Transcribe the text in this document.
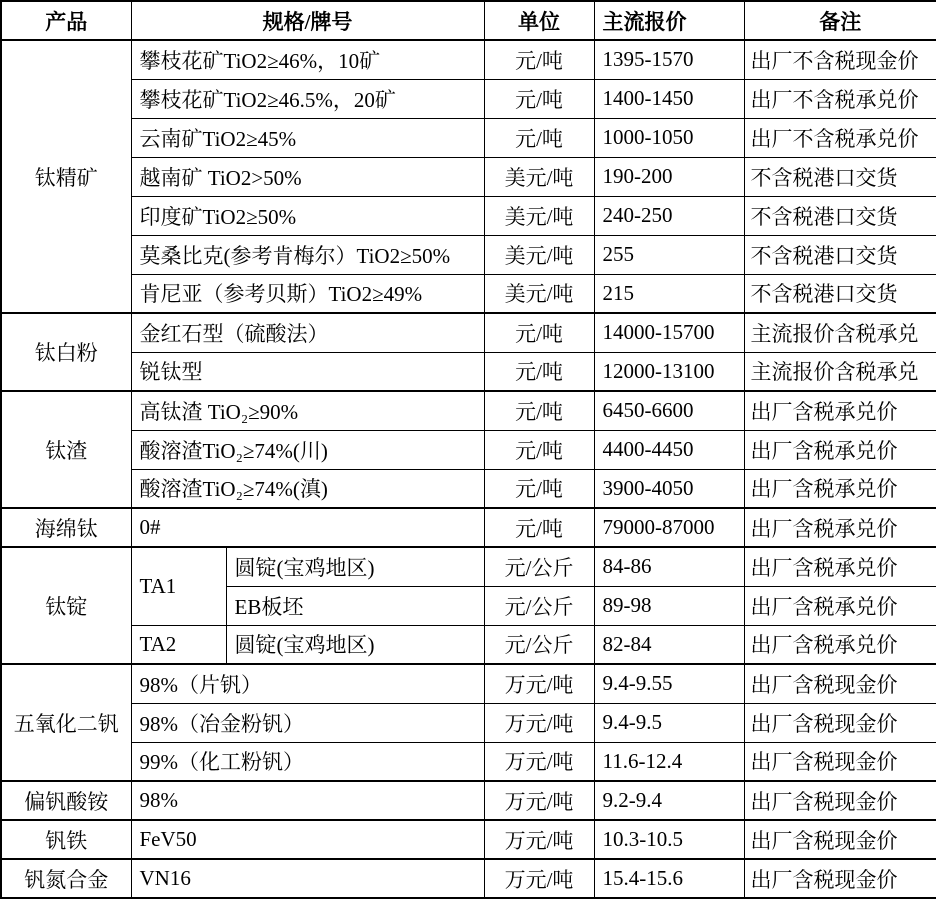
产品	规格/牌号		单位	主流报价	备注
钛精矿	攀枝花矿TiO2≥46%，10矿		元/吨	1395-1570	出厂不含税现金价
	攀枝花矿TiO2≥46.5%，20矿		元/吨	1400-1450	出厂不含税承兑价
	云南矿TiO2≥45%		元/吨	1000-1050	出厂不含税承兑价
	越南矿 TiO2>50%		美元/吨	190-200	不含税港口交货
	印度矿TiO2≥50%		美元/吨	240-250	不含税港口交货
	莫桑比克(参考肯梅尔）TiO2≥50%		美元/吨	255	不含税港口交货
	肯尼亚（参考贝斯）TiO2≥49%		美元/吨	215	不含税港口交货
钛白粉	金红石型（硫酸法）		元/吨	14000-15700	主流报价含税承兑
	锐钛型		元/吨	12000-13100	主流报价含税承兑
钛渣	高钛渣 TiO₂≥90%		元/吨	6450-6600	出厂含税承兑价
	酸溶渣TiO₂≥74%(川)		元/吨	4400-4450	出厂含税承兑价
	酸溶渣TiO₂≥74%(滇)		元/吨	3900-4050	出厂含税承兑价
海绵钛	0#		元/吨	79000-87000	出厂含税承兑价
钛锭	TA1	圆锭(宝鸡地区)	元/公斤	84-86	出厂含税承兑价
		EB板坯	元/公斤	89-98	出厂含税承兑价
	TA2	圆锭(宝鸡地区)	元/公斤	82-84	出厂含税承兑价
五氧化二钒	98%（片钒）		万元/吨	9.4-9.55	出厂含税现金价
	98%（冶金粉钒）		万元/吨	9.4-9.5	出厂含税现金价
	99%（化工粉钒）		万元/吨	11.6-12.4	出厂含税现金价
偏钒酸铵	98%		万元/吨	9.2-9.4	出厂含税现金价
钒铁	FeV50		万元/吨	10.3-10.5	出厂含税现金价
钒氮合金	VN16		万元/吨	15.4-15.6	出厂含税现金价
